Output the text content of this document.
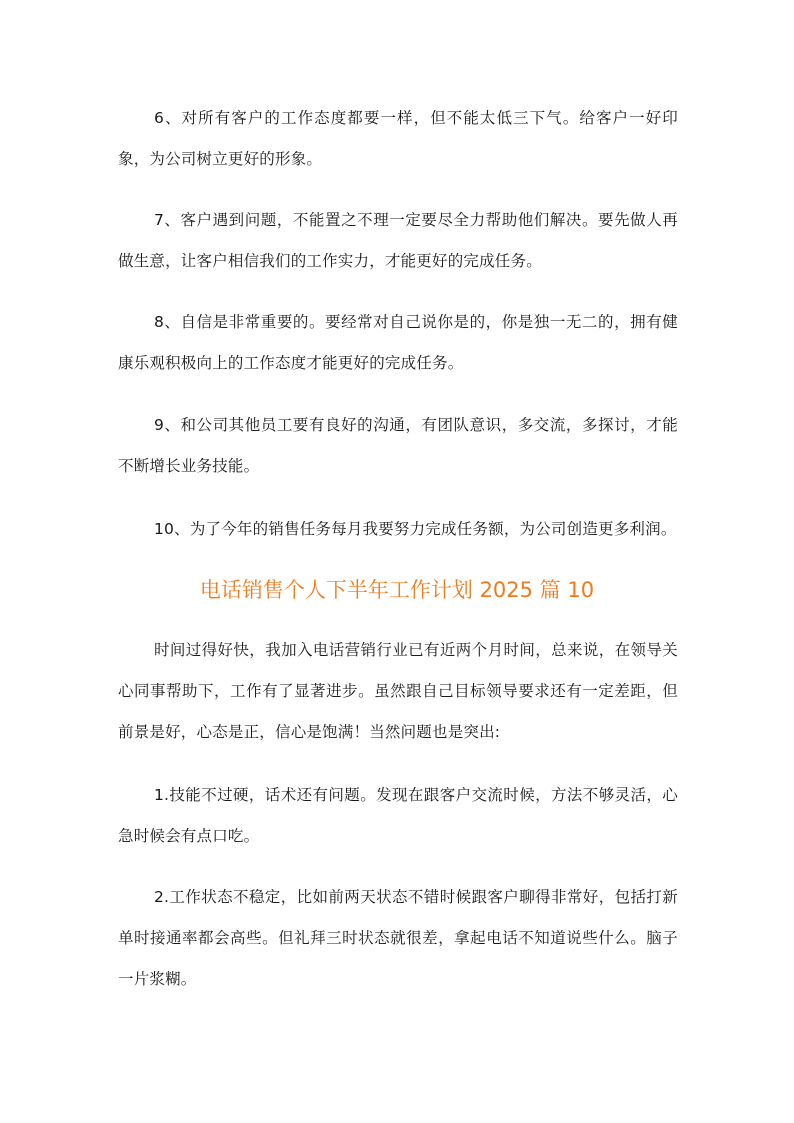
6、对所有客户的工作态度都要一样，但不能太低三下气。给客户一好印象，为公司树立更好的形象。

7、客户遇到问题，不能置之不理一定要尽全力帮助他们解决。要先做人再做生意，让客户相信我们的工作实力，才能更好的完成任务。

8、自信是非常重要的。要经常对自己说你是的，你是独一无二的，拥有健康乐观积极向上的工作态度才能更好的完成任务。

9、和公司其他员工要有良好的沟通，有团队意识，多交流，多探讨，才能不断增长业务技能。

10、为了今年的销售任务每月我要努力完成任务额，为公司创造更多利润。

电话销售个人下半年工作计划 2025 篇 10

时间过得好快，我加入电话营销行业已有近两个月时间，总来说，在领导关心同事帮助下，工作有了显著进步。虽然跟自己目标领导要求还有一定差距，但前景是好，心态是正，信心是饱满！当然问题也是突出:

1.技能不过硬，话术还有问题。发现在跟客户交流时候，方法不够灵活，心急时候会有点口吃。

2.工作状态不稳定，比如前两天状态不错时候跟客户聊得非常好，包括打新单时接通率都会高些。但礼拜三时状态就很差，拿起电话不知道说些什么。脑子一片浆糊。
